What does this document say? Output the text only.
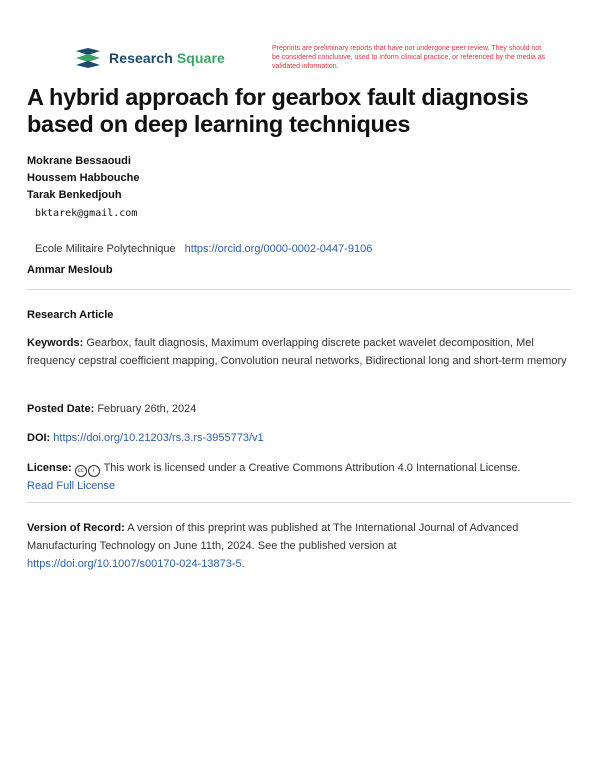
Research Square
Preprints are preliminary reports that have not undergone peer review. They should not be considered conclusive, used to inform clinical practice, or referenced by the media as validated information.
A hybrid approach for gearbox fault diagnosis based on deep learning techniques
Mokrane Bessaoudi
Houssem Habbouche
Tarak Benkedjouh
bktarek@gmail.com
Ecole Militaire Polytechnique https://orcid.org/0000-0002-0447-9106
Ammar Mesloub
Research Article
Keywords: Gearbox, fault diagnosis, Maximum overlapping discrete packet wavelet decomposition, Mel frequency cepstral coefficient mapping, Convolution neural networks, Bidirectional long and short-term memory
Posted Date: February 26th, 2024
DOI: https://doi.org/10.21203/rs.3.rs-3955773/v1
License: cc i This work is licensed under a Creative Commons Attribution 4.0 International License.
Read Full License
Version of Record: A version of this preprint was published at The International Journal of Advanced Manufacturing Technology on June 11th, 2024. See the published version at
https://doi.org/10.1007/s00170-024-13873-5.
